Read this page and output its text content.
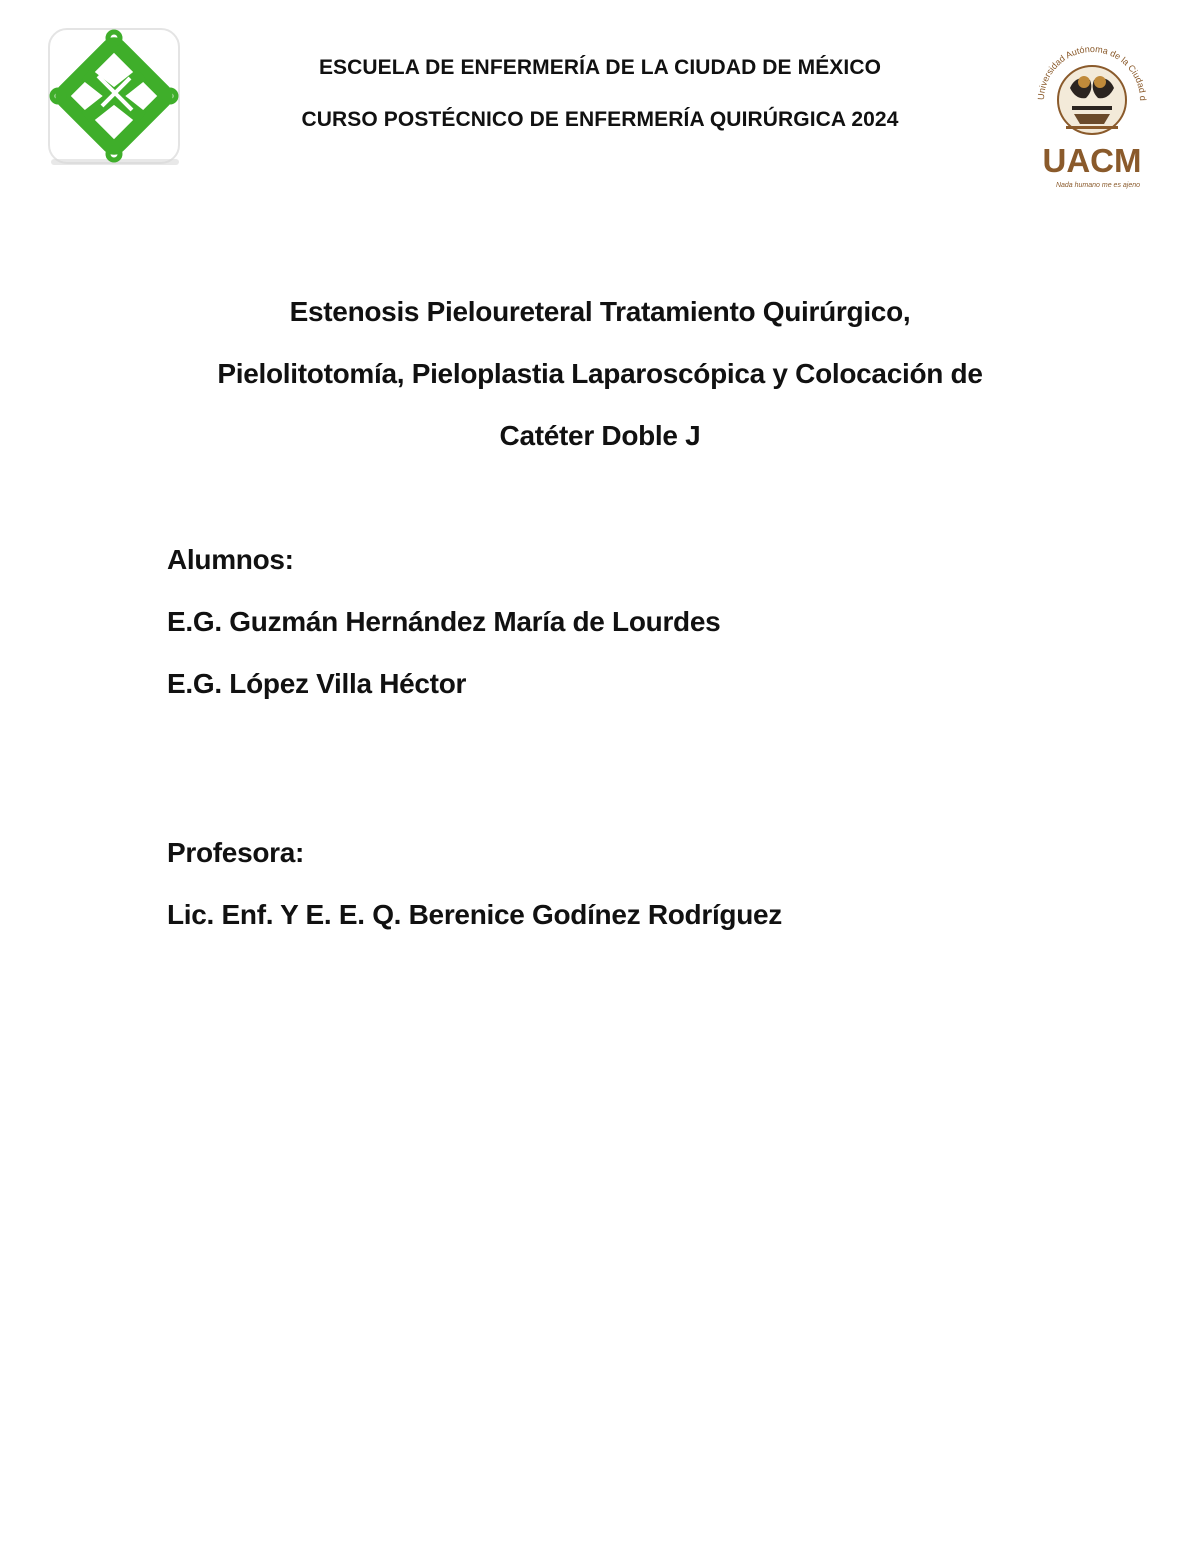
ESCUELA DE ENFERMERÍA DE LA CIUDAD DE MÉXICO
CURSO POSTÉCNICO DE ENFERMERÍA QUIRÚRGICA 2024
Universidad Autónoma de la Ciudad d
UACM
Nada humano me es ajeno
Estenosis Pieloureteral Tratamiento Quirúrgico,
Pielolitotomía, Pieloplastia Laparoscópica y Colocación de
Catéter Doble J
Alumnos:
E.G. Guzmán Hernández María de Lourdes
E.G. López Villa Héctor
Profesora:
Lic. Enf. Y E. E. Q. Berenice Godínez Rodríguez
